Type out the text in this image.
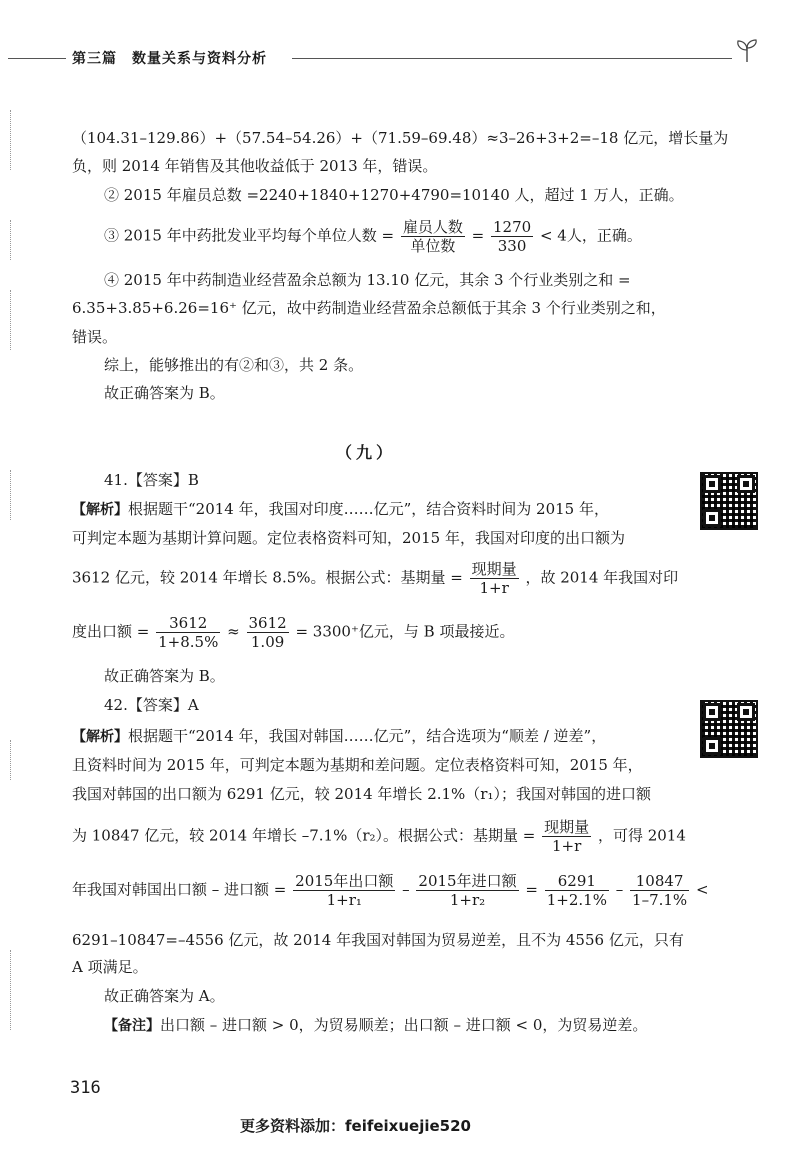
第三篇　数量关系与资料分析
（104.31–129.86）+（57.54–54.26）+（71.59–69.48）≈3–26+3+2=–18 亿元，增长量为
负，则 2014 年销售及其他收益低于 2013 年，错误。
② 2015 年雇员总数 =2240+1840+1270+4790=10140 人，超过 1 万人，正确。
③ 2015 年中药批发业平均每个单位人数 = $\frac{\text{雇员人数}}{\text{单位数}} = \frac{1270}{330} < 4$人，正确。
④ 2015 年中药制造业经营盈余总额为 13.10 亿元，其余 3 个行业类别之和 =
6.35+3.85+6.26=16⁺ 亿元，故中药制造业经营盈余总额低于其余 3 个行业类别之和，
错误。
综上，能够推出的有②和③，共 2 条。
故正确答案为 B。
（九）
41.【答案】B
【解析】根据题干“2014 年，我国对印度……亿元”，结合资料时间为 2015 年，
可判定本题为基期计算问题。定位表格资料可知，2015 年，我国对印度的出口额为
3612 亿元，较 2014 年增长 8.5%。根据公式：基期量 = $\frac{\text{现期量}}{1+r}$ ，故 2014 年我国对印
度出口额 = $\frac{3612}{1+8.5\%} \approx \frac{3612}{1.09} = 3300^+$亿元，与 B 项最接近。
故正确答案为 B。
42.【答案】A
【解析】根据题干“2014 年，我国对韩国……亿元”，结合选项为“顺差 / 逆差”，
且资料时间为 2015 年，可判定本题为基期和差问题。定位表格资料可知，2015 年，
我国对韩国的出口额为 6291 亿元，较 2014 年增长 2.1%（r₁）；我国对韩国的进口额
为 10847 亿元，较 2014 年增长 –7.1%（r₂）。根据公式：基期量 = $\frac{\text{现期量}}{1+r}$ ，可得 2014
年我国对韩国出口额 – 进口额 = $\frac{\text{2015年出口额}}{\text{1+r₁}} - \frac{\text{2015年进口额}}{\text{1+r₂}} = \frac{6291}{1+2.1\%} - \frac{10847}{1-7.1\%}$ <
6291–10847=–4556 亿元，故 2014 年我国对韩国为贸易逆差，且不为 4556 亿元，只有
A 项满足。
故正确答案为 A。
【备注】出口额 – 进口额 > 0，为贸易顺差；出口额 – 进口额 < 0，为贸易逆差。
316
更多资料添加：feifeixuejie520
